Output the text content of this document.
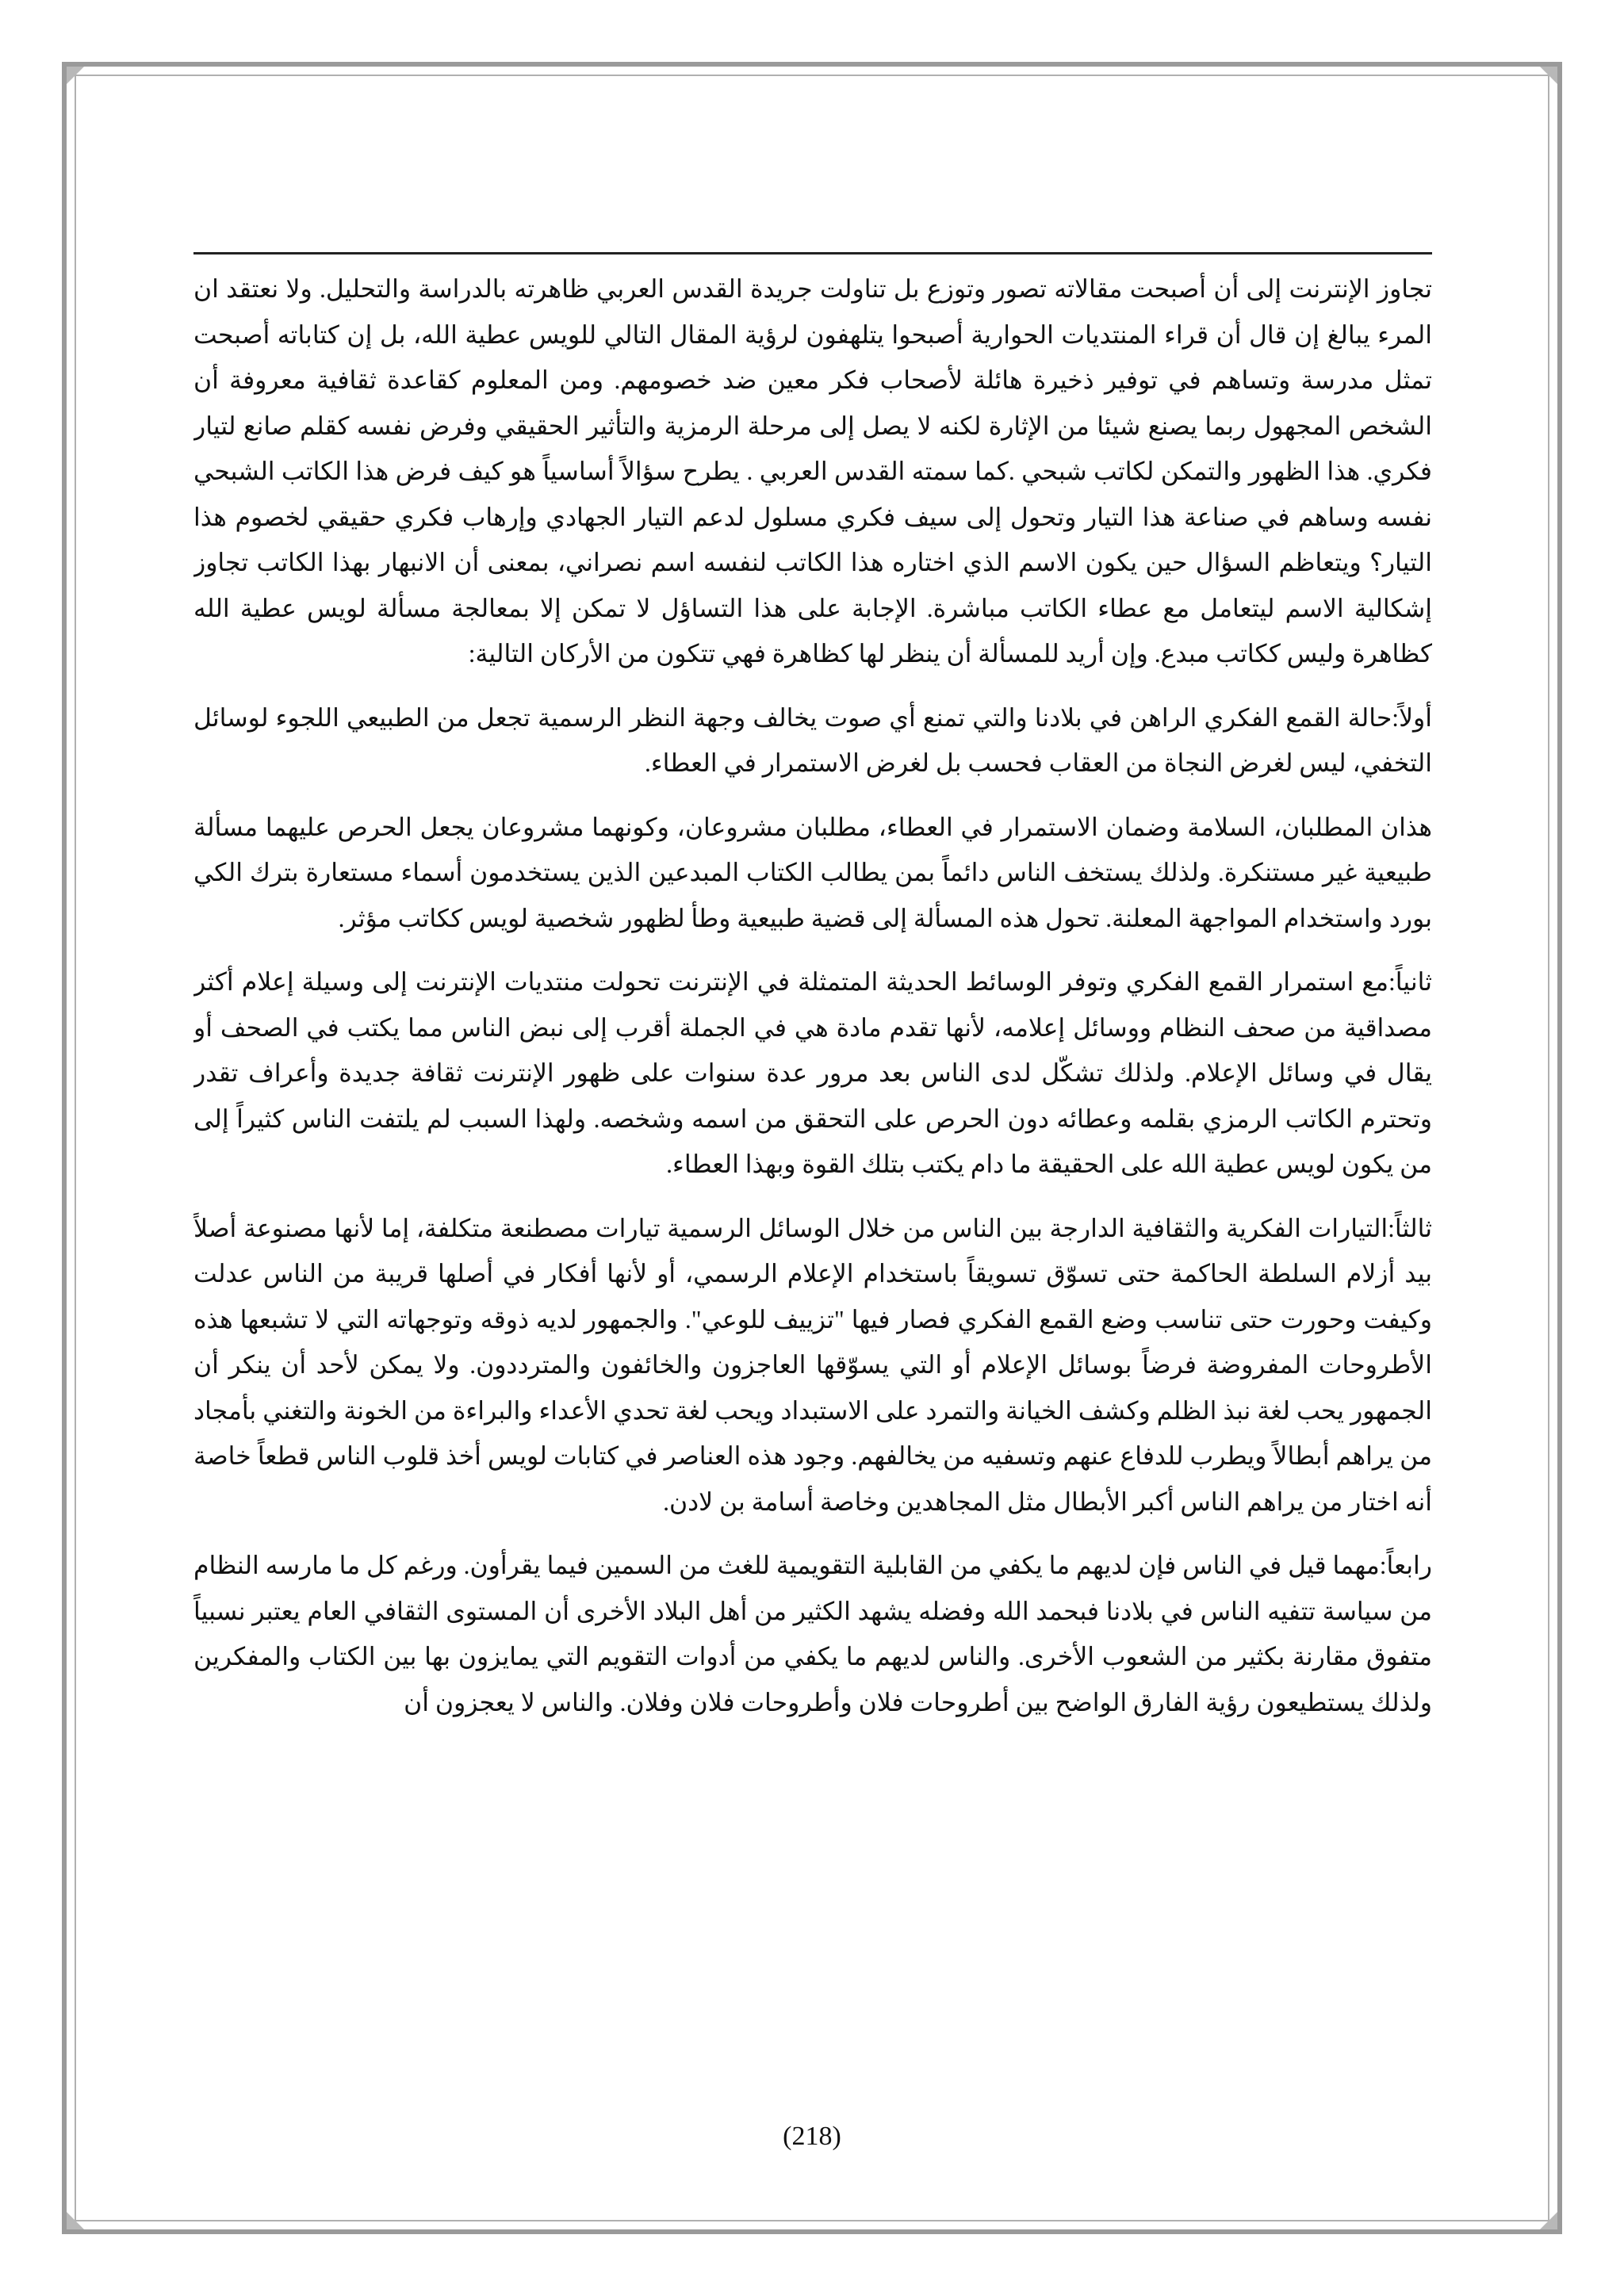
تجاوز الإنترنت إلى أن أصبحت مقالاته تصور وتوزع بل تناولت جريدة القدس العربي ظاهرته بالدراسة والتحليل. ولا نعتقد ان المرء يبالغ إن قال أن قراء المنتديات الحوارية أصبحوا يتلهفون لرؤية المقال التالي للويس عطية الله، بل إن كتاباته أصبحت تمثل مدرسة وتساهم في توفير ذخيرة هائلة لأصحاب فكر معين ضد خصومهم. ومن المعلوم كقاعدة ثقافية معروفة أن الشخص المجهول ربما يصنع شيئا من الإثارة لكنه لا يصل إلى مرحلة الرمزية والتأثير الحقيقي وفرض نفسه كقلم صانع لتيار فكري. هذا الظهور والتمكن لكاتب شبحي .كما سمته القدس العربي . يطرح سؤالاً أساسياً هو كيف فرض هذا الكاتب الشبحي نفسه وساهم في صناعة هذا التيار وتحول إلى سيف فكري مسلول لدعم التيار الجهادي وإرهاب فكري حقيقي لخصوم هذا التيار؟ ويتعاظم السؤال حين يكون الاسم الذي اختاره هذا الكاتب لنفسه اسم نصراني، بمعنى أن الانبهار بهذا الكاتب تجاوز إشكالية الاسم ليتعامل مع عطاء الكاتب مباشرة. الإجابة على هذا التساؤل لا تمكن إلا بمعالجة مسألة لويس عطية الله كظاهرة وليس ككاتب مبدع. وإن أريد للمسألة أن ينظر لها كظاهرة فهي تتكون من الأركان التالية:

أولاً:حالة القمع الفكري الراهن في بلادنا والتي تمنع أي صوت يخالف وجهة النظر الرسمية تجعل من الطبيعي اللجوء لوسائل التخفي، ليس لغرض النجاة من العقاب فحسب بل لغرض الاستمرار في العطاء.

هذان المطلبان، السلامة وضمان الاستمرار في العطاء، مطلبان مشروعان، وكونهما مشروعان يجعل الحرص عليهما مسألة طبيعية غير مستنكرة. ولذلك يستخف الناس دائماً بمن يطالب الكتاب المبدعين الذين يستخدمون أسماء مستعارة بترك الكي بورد واستخدام المواجهة المعلنة. تحول هذه المسألة إلى قضية طبيعية وطأ لظهور شخصية لويس ككاتب مؤثر.

ثانياً:مع استمرار القمع الفكري وتوفر الوسائط الحديثة المتمثلة في الإنترنت تحولت منتديات الإنترنت إلى وسيلة إعلام أكثر مصداقية من صحف النظام ووسائل إعلامه، لأنها تقدم مادة هي في الجملة أقرب إلى نبض الناس مما يكتب في الصحف أو يقال في وسائل الإعلام. ولذلك تشكّل لدى الناس بعد مرور عدة سنوات على ظهور الإنترنت ثقافة جديدة وأعراف تقدر وتحترم الكاتب الرمزي بقلمه وعطائه دون الحرص على التحقق من اسمه وشخصه. ولهذا السبب لم يلتفت الناس كثيراً إلى من يكون لويس عطية الله على الحقيقة ما دام يكتب بتلك القوة وبهذا العطاء.

ثالثاً:التيارات الفكرية والثقافية الدارجة بين الناس من خلال الوسائل الرسمية تيارات مصطنعة متكلفة، إما لأنها مصنوعة أصلاً بيد أزلام السلطة الحاكمة حتى تسوّق تسويقاً باستخدام الإعلام الرسمي، أو لأنها أفكار في أصلها قريبة من الناس عدلت وكيفت وحورت حتى تناسب وضع القمع الفكري فصار فيها "تزييف للوعي". والجمهور لديه ذوقه وتوجهاته التي لا تشبعها هذه الأطروحات المفروضة فرضاً بوسائل الإعلام أو التي يسوّقها العاجزون والخائفون والمترددون. ولا يمكن لأحد أن ينكر أن الجمهور يحب لغة نبذ الظلم وكشف الخيانة والتمرد على الاستبداد ويحب لغة تحدي الأعداء والبراءة من الخونة والتغني بأمجاد من يراهم أبطالاً ويطرب للدفاع عنهم وتسفيه من يخالفهم. وجود هذه العناصر في كتابات لويس أخذ قلوب الناس قطعاً خاصة أنه اختار من يراهم الناس أكبر الأبطال مثل المجاهدين وخاصة أسامة بن لادن.

رابعاً:مهما قيل في الناس فإن لديهم ما يكفي من القابلية التقويمية للغث من السمين فيما يقرأون. ورغم كل ما مارسه النظام من سياسة تتفيه الناس في بلادنا فبحمد الله وفضله يشهد الكثير من أهل البلاد الأخرى أن المستوى الثقافي العام يعتبر نسبياً متفوق مقارنة بكثير من الشعوب الأخرى. والناس لديهم ما يكفي من أدوات التقويم التي يمايزون بها بين الكتاب والمفكرين ولذلك يستطيعون رؤية الفارق الواضح بين أطروحات فلان وأطروحات فلان وفلان. والناس لا يعجزون أن

(218)
